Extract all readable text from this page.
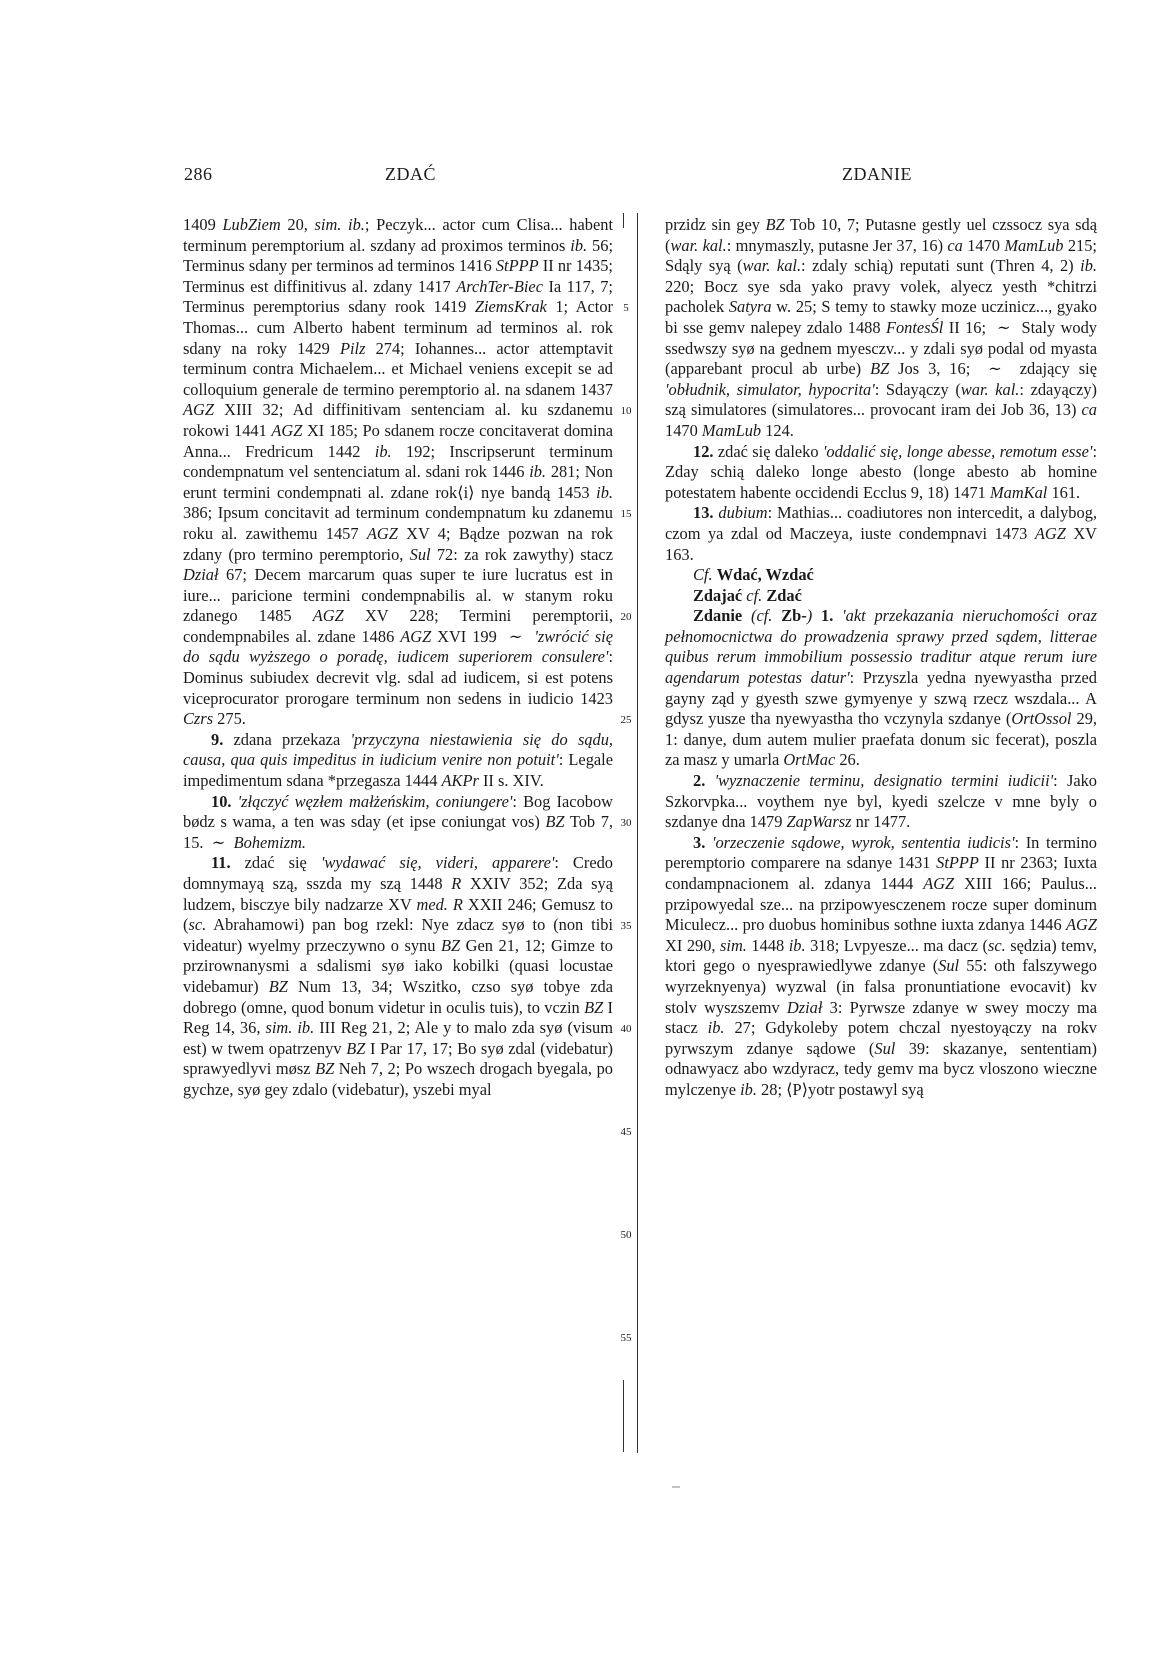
286	ZDAĆ	ZDANIE

1409 LubZiem 20, sim. ib.; Peczyk... actor cum Clisa... habent terminum peremptorium al. szdany ad proximos terminos ib. 56; Terminus sdany per terminos ad terminos 1416 StPPP II nr 1435; Terminus est diffinitivus al. zdany 1417 ArchTer-Biec Ia 117, 7; Terminus peremptorius sdany rook 1419 ZiemsKrak 1; Actor Thomas... cum Alberto habent terminum ad terminos al. rok sdany na roky 1429 Pilz 274; Iohannes... actor attemptavit terminum contra Michaelem... et Michael veniens excepit se ad colloquium generale de termino peremptorio al. na sdanem 1437 AGZ XIII 32; Ad diffinitivam sentenciam al. ku szdanemu rokowi 1441 AGZ XI 185; Po sdanem rocze concitaverat domina Anna... Fredricum 1442 ib. 192; Inscripserunt terminum condempnatum vel sentenciatum al. sdani rok 1446 ib. 281; Non erunt termini condempnati al. zdane rok⟨i⟩ nye bandą 1453 ib. 386; Ipsum concitavit ad terminum condempnatum ku zdanemu roku al. zawithemu 1457 AGZ XV 4; Bądze pozwan na rok zdany (pro termino peremptorio, Sul 72: za rok zawythy) stacz Dział 67; Decem marcarum quas super te iure lucratus est in iure... paricione termini condempnabilis al. w stanym roku zdanego 1485 AGZ XV 228; Termini peremptorii, condempnabiles al. zdane 1486 AGZ XVI 199  ∼  'zwrócić się do sądu wyższego o poradę, iudicem superiorem consulere': Dominus subiudex decrevit vlg. sdal ad iudicem, si est potens viceprocurator prorogare terminum non sedens in iudicio 1423 Czrs 275.

9. zdana przekaza 'przyczyna niestawienia się do sądu, causa, qua quis impeditus in iudicium venire non potuit': Legale impedimentum sdana *przegasza 1444 AKPr II s. XIV.

10. 'złączyć węzłem małżeńskim, coniungere': Bog Iacobow bødz s wama, a ten was sday (et ipse coniungat vos) BZ Tob 7, 15.  ∼  Bohemizm.

11. zdać się 'wydawać się, videri, apparere': Credo domnymayą szą, sszda my szą 1448 R XXIV 352; Zda syą ludzem, bisczye bily nadzarze XV med. R XXII 246; Gemusz to (sc. Abrahamowi) pan bog rzekl: Nye zdacz syø to (non tibi videatur) wyelmy przeczywno o synu BZ Gen 21, 12; Gimze to przirownanysmi a sdalismi syø iako kobilki (quasi locustae videbamur) BZ Num 13, 34; Wszitko, czso syø tobye zda dobrego (omne, quod bonum videtur in oculis tuis), to vczin BZ I Reg 14, 36, sim. ib. III Reg 21, 2; Ale y to malo zda syø (visum est) w twem opatrzenyv BZ I Par 17, 17; Bo syø zdal (videbatur) sprawyedlyvi møsz BZ Neh 7, 2; Po wszech drogach byegala, po gychze, syø gey zdalo (videbatur), yszebi myal

5
10
15
20
25
30
35
40
45
50
55

przidz sin gey BZ Tob 10, 7; Putasne gestly uel czssocz sya sdą (war. kal.: mnymaszly, putasne Jer 37, 16) ca 1470 MamLub 215; Sdąly syą (war. kal.: zdaly schią) reputati sunt (Thren 4, 2) ib. 220; Bocz sye sda yako pravy volek, alyecz yesth *chitrzi pacholek Satyra w. 25; S temy to stawky moze uczinicz..., gyako bi sse gemv nalepey zdalo 1488 FontesŚl II 16;  ∼  Staly wody ssedwszy syø na gednem myesczv... y zdali syø podal od myasta (apparebant procul ab urbe) BZ Jos 3, 16;  ∼  zdający się 'obłudnik, simulator, hypocrita': Sdayączy (war. kal.: zdayączy) szą simulatores (simulatores... provocant iram dei Job 36, 13) ca 1470 MamLub 124.

12. zdać się daleko 'oddalić się, longe abesse, remotum esse': Zday schią daleko longe abesto (longe abesto ab homine potestatem habente occidendi Ecclus 9, 18) 1471 MamKal 161.

13. dubium: Mathias... coadiutores non intercedit, a dalybog, czom ya zdal od Maczeya, iuste condempnavi 1473 AGZ XV 163.

Cf. Wdać, Wzdać

Zdajać cf. Zdać

Zdanie (cf. Zb-) 1. 'akt przekazania nieruchomości oraz pełnomocnictwa do prowadzenia sprawy przed sądem, litterae quibus rerum immobilium possessio traditur atque rerum iure agendarum potestas datur': Przyszla yedna nyewyastha przed gayny ząd y gyesth szwe gymyenye y szwą rzecz wszdala... A gdysz yusze tha nyewyastha tho vczynyla szdanye (OrtOssol 29, 1: danye, dum autem mulier praefata donum sic fecerat), poszla za masz y umarla OrtMac 26.

2. 'wyznaczenie terminu, designatio termini iudicii': Jako Szkorvpka... voythem nye byl, kyedi szelcze v mne byly o szdanye dna 1479 ZapWarsz nr 1477.

3. 'orzeczenie sądowe, wyrok, sententia iudicis': In termino peremptorio comparere na sdanye 1431 StPPP II nr 2363; Iuxta condampnacionem al. zdanya 1444 AGZ XIII 166; Paulus... przipowyedal sze... na przipowyesczenem rocze super dominum Miculecz... pro duobus hominibus sothne iuxta zdanya 1446 AGZ XI 290, sim. 1448 ib. 318; Lvpyesze... ma dacz (sc. sędzia) temv, ktori gego o nyesprawiedlywe zdanye (Sul 55: oth falszywego wyrzeknyenya) wyzwal (in falsa pronuntiatione evocavit) kv stolv wyszszemv Dział 3: Pyrwsze zdanye w swey moczy ma stacz ib. 27; Gdykoleby potem chczal nyestoyączy na rokv pyrwszym zdanye sądowe (Sul 39: skazanye, sententiam) odnawyacz abo wzdyracz, tedy gemv ma bycz vloszono wieczne mylczenye ib. 28; ⟨P⟩yotr postawyl syą
